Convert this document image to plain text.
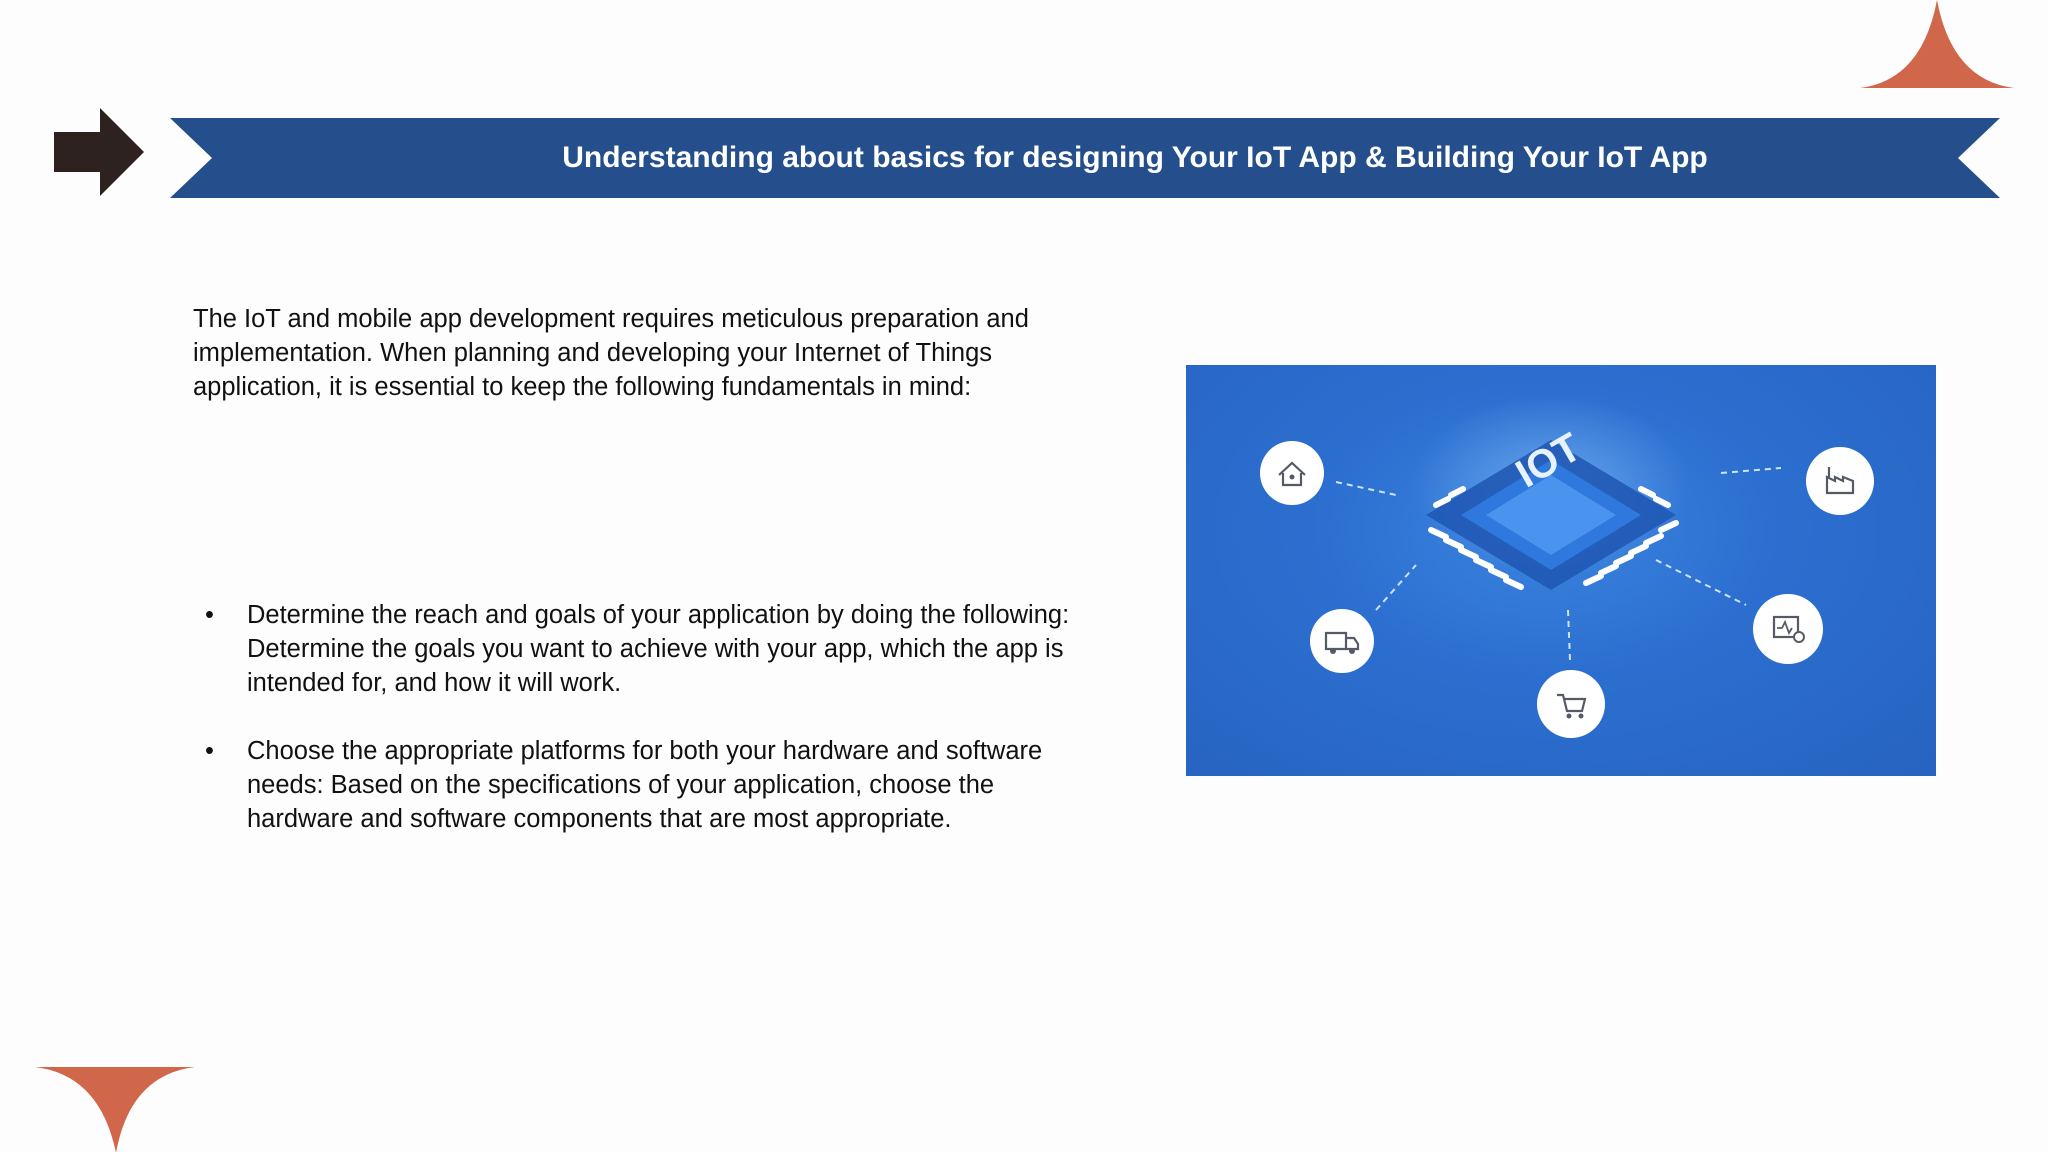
Understanding about basics for designing Your IoT App & Building Your IoT App

The IoT and mobile app development requires meticulous preparation and implementation. When planning and developing your Internet of Things application, it is essential to keep the following fundamentals in mind:

• Determine the reach and goals of your application by doing the following: Determine the goals you want to achieve with your app, which the app is intended for, and how it will work.
• Choose the appropriate platforms for both your hardware and software needs: Based on the specifications of your application, choose the hardware and software components that are most appropriate.
IOT
